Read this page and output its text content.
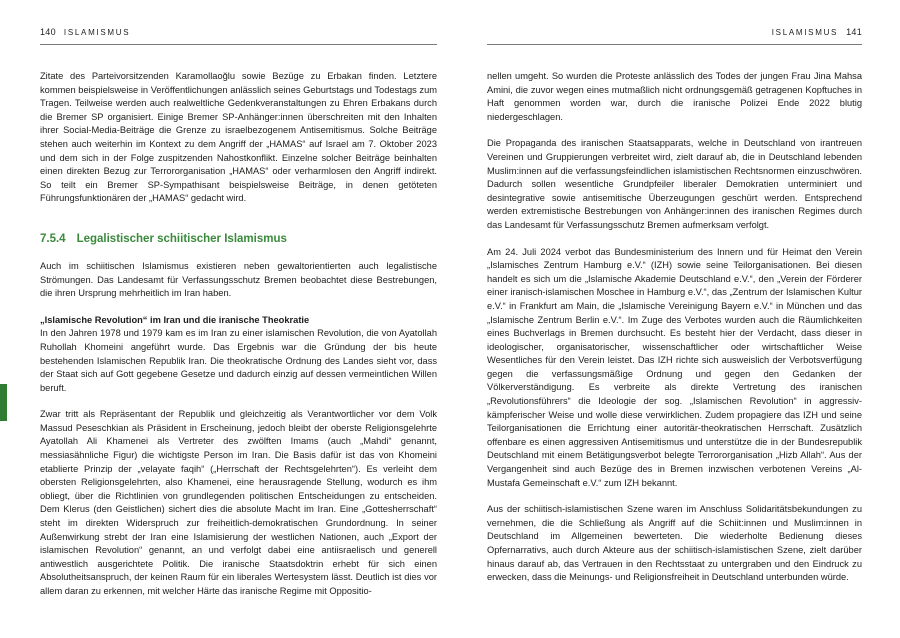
140 ISLAMISMUS

Zitate des Parteivorsitzenden Karamollaoğlu sowie Bezüge zu Erbakan finden. Letztere kommen beispielsweise in Veröffentlichungen anlässlich seines Geburtstags und Todestags zum Tragen. Teilweise werden auch realweltliche Gedenkveranstaltungen zu Ehren Erbakans durch die Bremer SP organisiert. Einige Bremer SP-Anhänger:innen überschreiten mit den Inhalten ihrer Social-Media-Beiträge die Grenze zu israelbezogenem Antisemitismus. Solche Beiträge stehen auch weiterhin im Kontext zu dem Angriff der „HAMAS“ auf Israel am 7. Oktober 2023 und dem sich in der Folge zuspitzenden Nahostkonflikt. Einzelne solcher Beiträge beinhalten einen direkten Bezug zur Terrororganisation „HAMAS“ oder verharmlosen den Angriff indirekt. So teilt ein Bremer SP-Sympathisant beispielsweise Beiträge, in denen getöteten Führungsfunktionären der „HAMAS“ gedacht wird.

7.5.4 Legalistischer schiitischer Islamismus

Auch im schiitischen Islamismus existieren neben gewaltorientierten auch legalistische Strömungen. Das Landesamt für Verfassungsschutz Bremen beobachtet diese Bestrebungen, die ihren Ursprung mehrheitlich im Iran haben.

„Islamische Revolution“ im Iran und die iranische Theokratie

In den Jahren 1978 und 1979 kam es im Iran zu einer islamischen Revolution, die von Ayatollah Ruhollah Khomeini angeführt wurde. Das Ergebnis war die Gründung der bis heute bestehenden Islamischen Republik Iran. Die theokratische Ordnung des Landes sieht vor, dass der Staat sich auf Gott gegebene Gesetze und dadurch einzig auf dessen vermeintlichen Willen beruft.

Zwar tritt als Repräsentant der Republik und gleichzeitig als Verantwortlicher vor dem Volk Massud Peseschkian als Präsident in Erscheinung, jedoch bleibt der oberste Religionsgelehrte Ayatollah Ali Khamenei als Vertreter des zwölften Imams (auch „Mahdi“ genannt, messiasähnliche Figur) die wichtigste Person im Iran. Die Basis dafür ist das von Khomeini etablierte Prinzip der „velayate faqih“ („Herrschaft der Rechtsgelehrten“). Es verleiht dem obersten Religionsgelehrten, also Khamenei, eine herausragende Stellung, wodurch es ihm obliegt, über die Richtlinien von grundlegenden politischen Entscheidungen zu entscheiden. Dem Klerus (den Geistlichen) sichert dies die absolute Macht im Iran. Eine „Gottesherrschaft“ steht im direkten Widerspruch zur freiheitlich-demokratischen Grundordnung. In seiner Außenwirkung strebt der Iran eine Islamisierung der westlichen Nationen, auch „Export der islamischen Revolution“ genannt, an und verfolgt dabei eine antiisraelisch und generell antiwestlich ausgerichtete Politik. Die iranische Staatsdoktrin erhebt für sich einen Absolutheitsanspruch, der keinen Raum für ein liberales Wertesystem lässt. Deutlich ist dies vor allem daran zu erkennen, mit welcher Härte das iranische Regime mit Oppositio-

ISLAMISMUS 141

nellen umgeht. So wurden die Proteste anlässlich des Todes der jungen Frau Jina Mahsa Amini, die zuvor wegen eines mutmaßlich nicht ordnungsgemäß getragenen Kopftuches in Haft genommen worden war, durch die iranische Polizei Ende 2022 blutig niedergeschlagen.

Die Propaganda des iranischen Staatsapparats, welche in Deutschland von irantreuen Vereinen und Gruppierungen verbreitet wird, zielt darauf ab, die in Deutschland lebenden Muslim:innen auf die verfassungsfeindlichen islamistischen Rechtsnormen einzuschwören. Dadurch sollen wesentliche Grundpfeiler liberaler Demokratien unterminiert und desintegrative sowie antisemitische Überzeugungen geschürt werden. Entsprechend werden extremistische Bestrebungen von Anhänger:innen des iranischen Regimes durch das Landesamt für Verfassungsschutz Bremen aufmerksam verfolgt.

Am 24. Juli 2024 verbot das Bundesministerium des Innern und für Heimat den Verein „Islamisches Zentrum Hamburg e.V.“ (IZH) sowie seine Teilorganisationen. Bei diesen handelt es sich um die „Islamische Akademie Deutschland e.V.“, den „Verein der Förderer einer iranisch-islamischen Moschee in Hamburg e.V.“, das „Zentrum der Islamischen Kultur e.V.“ in Frankfurt am Main, die „Islamische Vereinigung Bayern e.V.“ in München und das „Islamische Zentrum Berlin e.V.“. Im Zuge des Verbotes wurden auch die Räumlichkeiten eines Buchverlags in Bremen durchsucht. Es besteht hier der Verdacht, dass dieser in ideologischer, organisatorischer, wissenschaftlicher oder wirtschaftlicher Weise Wesentliches für den Verein leistet. Das IZH richte sich ausweislich der Verbotsverfügung gegen die verfassungsmäßige Ordnung und gegen den Gedanken der Völkerverständigung. Es verbreite als direkte Vertretung des iranischen „Revolutionsführers“ die Ideologie der sog. „Islamischen Revolution“ in aggressiv-kämpferischer Weise und wolle diese verwirklichen. Zudem propagiere das IZH und seine Teilorganisationen die Errichtung einer autoritär-theokratischen Herrschaft. Zusätzlich offenbare es einen aggressiven Antisemitismus und unterstütze die in der Bundesrepublik Deutschland mit einem Betätigungsverbot belegte Terrororganisation „Hizb Allah“. Aus der Vergangenheit sind auch Bezüge des in Bremen inzwischen verbotenen Vereins „Al-Mustafa Gemeinschaft e.V.“ zum IZH bekannt.

Aus der schiitisch-islamistischen Szene waren im Anschluss Solidaritätsbekundungen zu vernehmen, die die Schließung als Angriff auf die Schiit:innen und Muslim:innen in Deutschland im Allgemeinen bewerteten. Die wiederholte Bedienung dieses Opfernarrativs, auch durch Akteure aus der schiitisch-islamistischen Szene, zielt darüber hinaus darauf ab, das Vertrauen in den Rechtsstaat zu untergraben und den Eindruck zu erwecken, dass die Meinungs- und Religionsfreiheit in Deutschland unterbunden würde.
